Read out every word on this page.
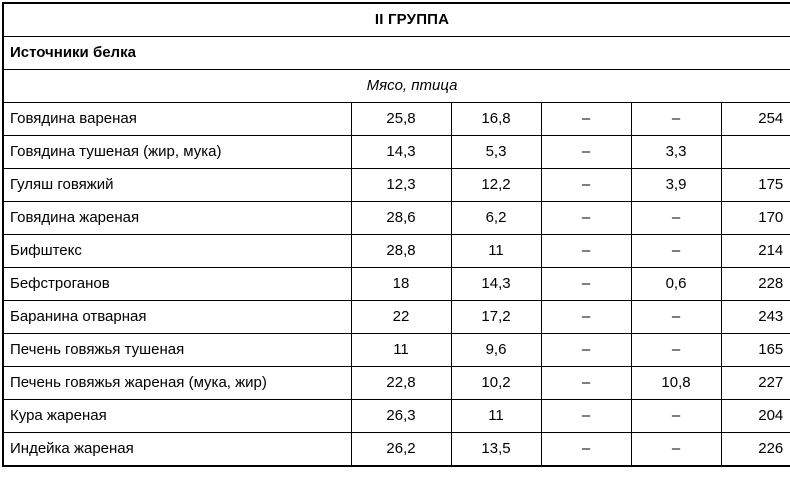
II ГРУППА					
Источники белка					
Мясо, птица					
Говядина вареная	25,8	16,8	–	–	254
Говядина тушеная (жир, мука)	14,3	5,3	–	3,3	
Гуляш говяжий	12,3	12,2	–	3,9	175
Говядина жареная	28,6	6,2	–	–	170
Бифштекс	28,8	11	–	–	214
Бефстроганов	18	14,3	–	0,6	228
Баранина отварная	22	17,2	–	–	243
Печень говяжья тушеная	11	9,6	–	–	165
Печень говяжья жареная (мука, жир)	22,8	10,2	–	10,8	227
Кура жареная	26,3	11	–	–	204
Индейка жареная	26,2	13,5	–	–	226
